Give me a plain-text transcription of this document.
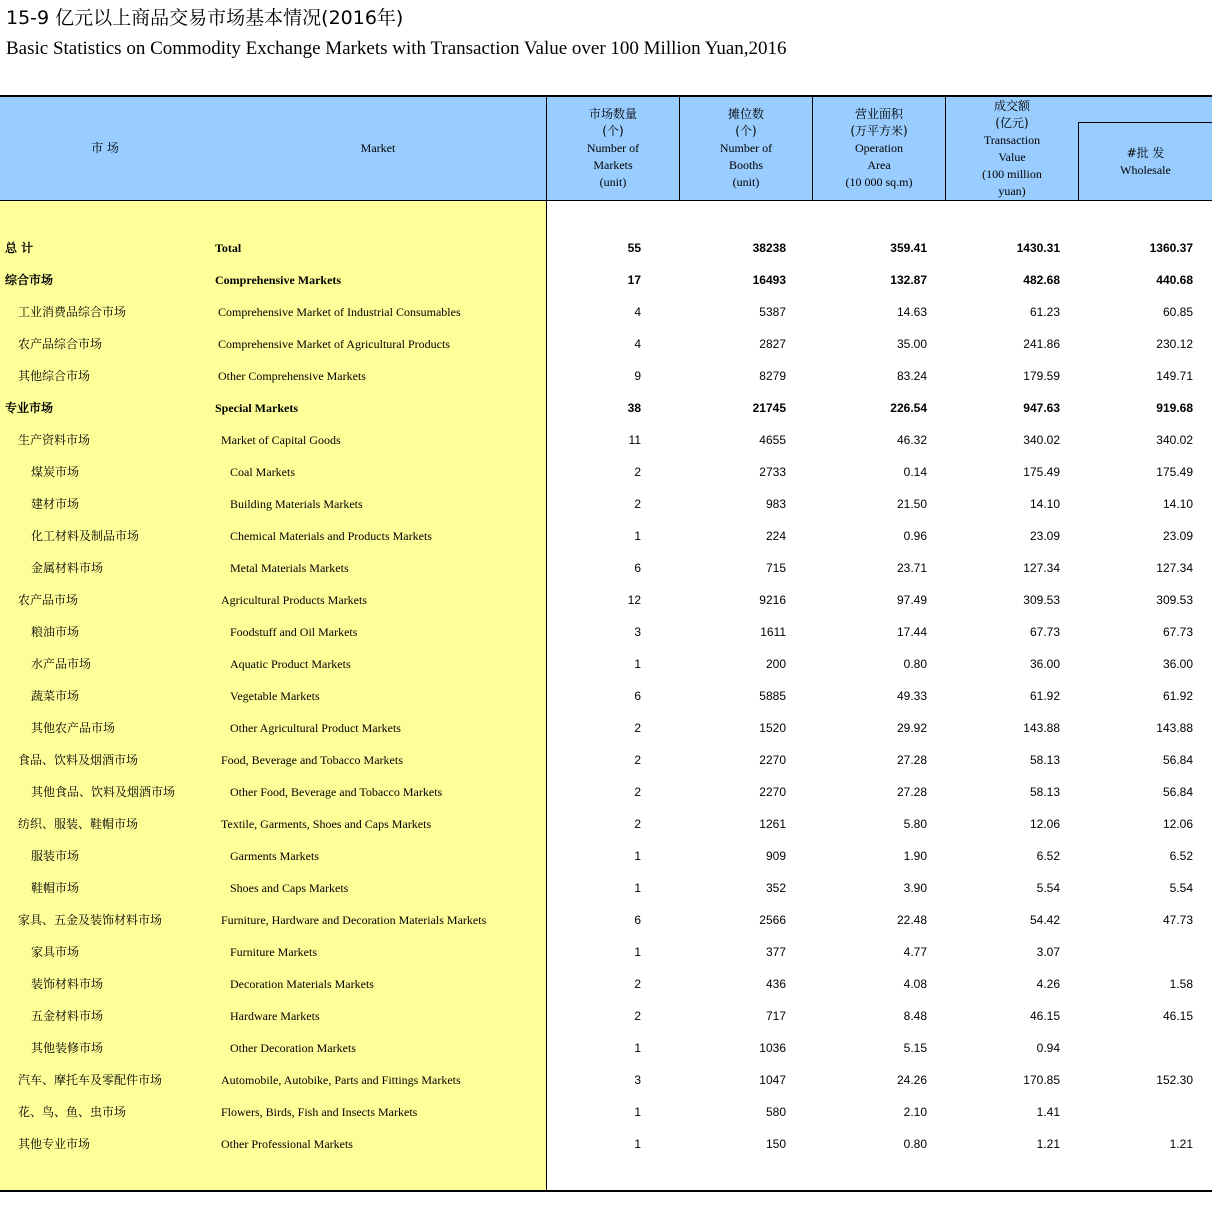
15-9 亿元以上商品交易市场基本情况(2016年)
Basic Statistics on Commodity Exchange Markets with Transaction Value over 100 Million Yuan,2016
市 场	Market
市场数量
(个)
Number of
Markets
(unit)
摊位数
(个)
Number of
Booths
(unit)
营业面积
(万平方米)
Operation
Area
(10 000 sq.m)
成交额
(亿元)
Transaction
Value
(100 million
yuan)
#批 发
Wholesale
总 计	Total	55	38238	359.41	1430.31	1360.37
综合市场	Comprehensive Markets	17	16493	132.87	482.68	440.68
工业消费品综合市场	Comprehensive Market of Industrial Consumables	4	5387	14.63	61.23	60.85
农产品综合市场	Comprehensive Market of Agricultural Products	4	2827	35.00	241.86	230.12
其他综合市场	Other Comprehensive Markets	9	8279	83.24	179.59	149.71
专业市场	Special Markets	38	21745	226.54	947.63	919.68
生产资料市场	Market of Capital Goods	11	4655	46.32	340.02	340.02
煤炭市场	Coal Markets	2	2733	0.14	175.49	175.49
建材市场	Building Materials Markets	2	983	21.50	14.10	14.10
化工材料及制品市场	Chemical Materials and Products Markets	1	224	0.96	23.09	23.09
金属材料市场	Metal Materials Markets	6	715	23.71	127.34	127.34
农产品市场	Agricultural Products Markets	12	9216	97.49	309.53	309.53
粮油市场	Foodstuff and Oil Markets	3	1611	17.44	67.73	67.73
水产品市场	Aquatic Product Markets	1	200	0.80	36.00	36.00
蔬菜市场	Vegetable Markets	6	5885	49.33	61.92	61.92
其他农产品市场	Other Agricultural Product Markets	2	1520	29.92	143.88	143.88
食品、饮料及烟酒市场	Food, Beverage and Tobacco Markets	2	2270	27.28	58.13	56.84
其他食品、饮料及烟酒市场	Other Food, Beverage and Tobacco Markets	2	2270	27.28	58.13	56.84
纺织、服装、鞋帽市场	Textile, Garments, Shoes and Caps Markets	2	1261	5.80	12.06	12.06
服装市场	Garments Markets	1	909	1.90	6.52	6.52
鞋帽市场	Shoes and Caps Markets	1	352	3.90	5.54	5.54
家具、五金及装饰材料市场	Furniture, Hardware and Decoration Materials Markets	6	2566	22.48	54.42	47.73
家具市场	Furniture Markets	1	377	4.77	3.07
装饰材料市场	Decoration Materials Markets	2	436	4.08	4.26	1.58
五金材料市场	Hardware Markets	2	717	8.48	46.15	46.15
其他装修市场	Other Decoration Markets	1	1036	5.15	0.94
汽车、摩托车及零配件市场	Automobile, Autobike, Parts and Fittings Markets	3	1047	24.26	170.85	152.30
花、鸟、鱼、虫市场	Flowers, Birds, Fish and Insects Markets	1	580	2.10	1.41
其他专业市场	Other Professional Markets	1	150	0.80	1.21	1.21
